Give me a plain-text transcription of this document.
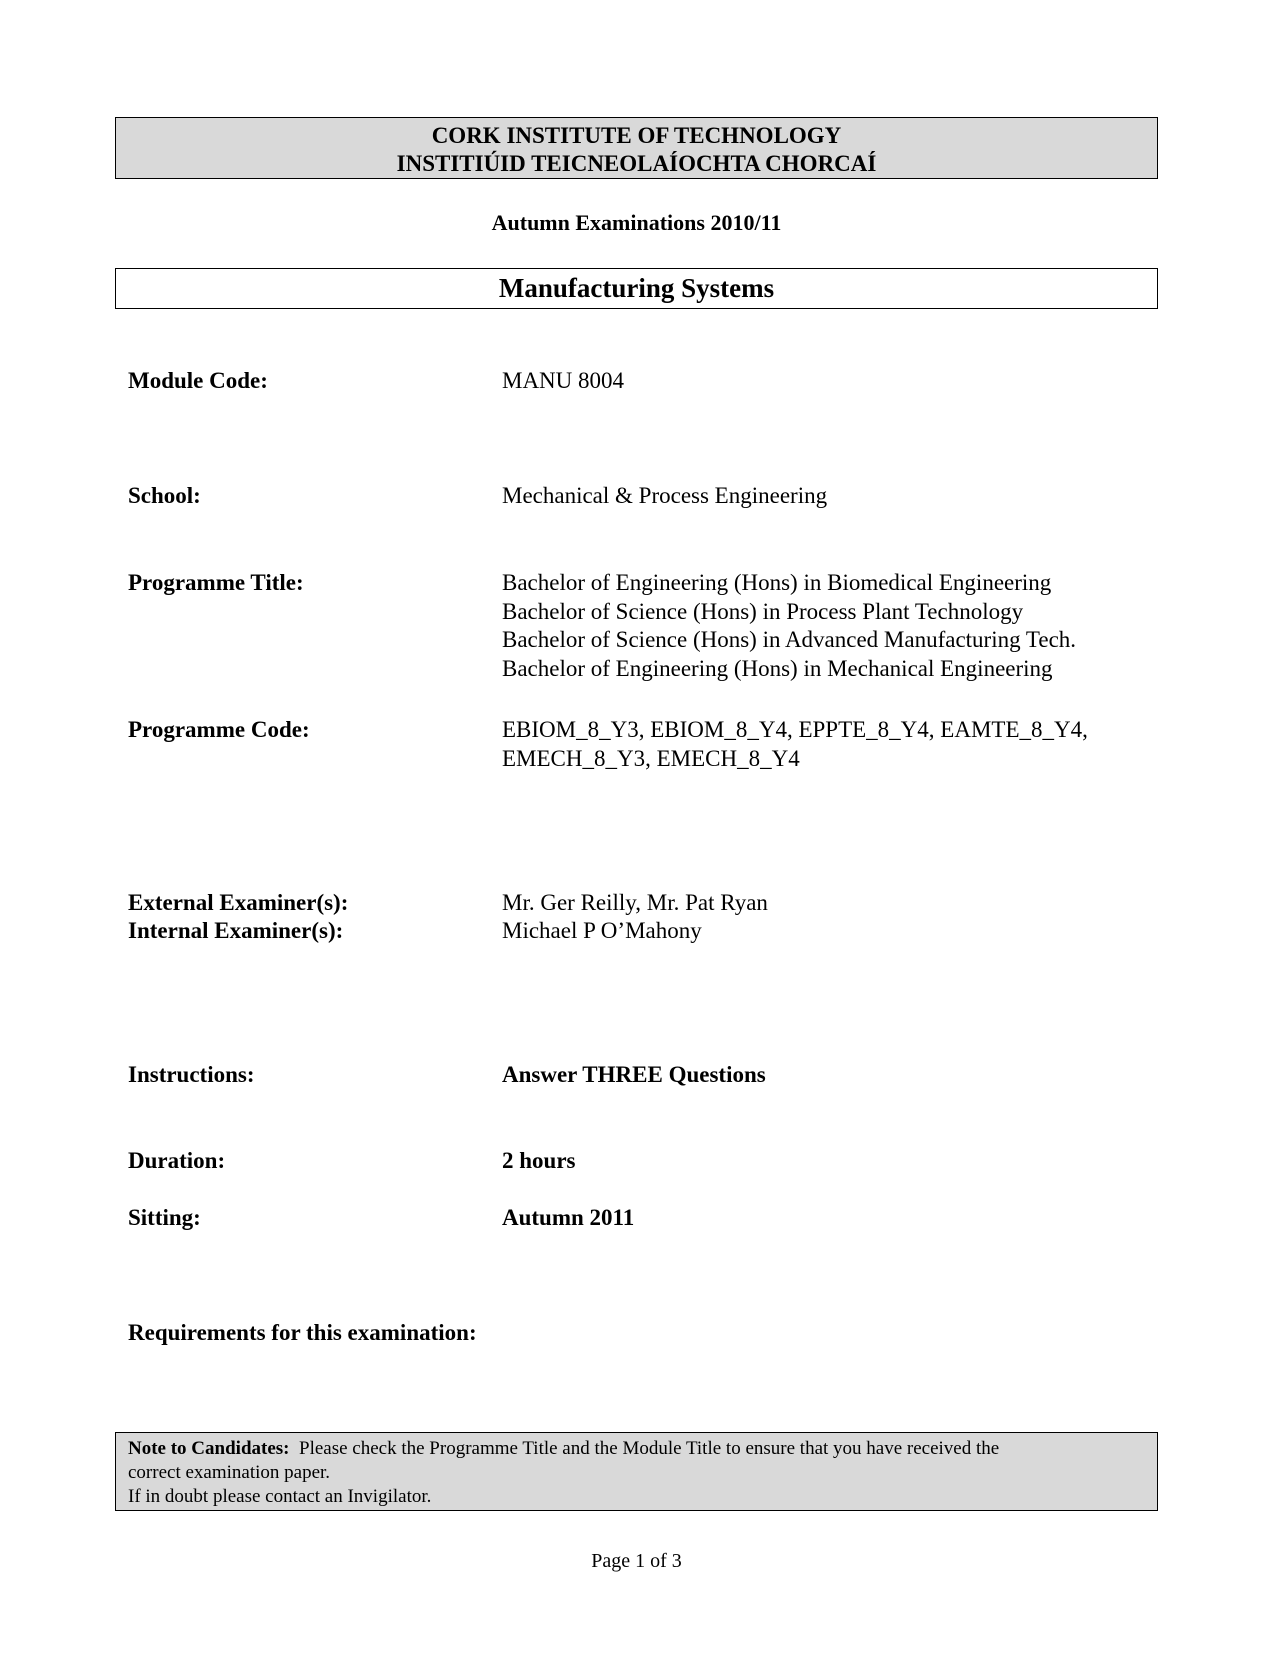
CORK INSTITUTE OF TECHNOLOGY
INSTITIÚID TEICNEOLAÍOCHTA CHORCAÍ
Autumn Examinations 2010/11
Manufacturing Systems
Module Code:	MANU 8004
School:	Mechanical & Process Engineering
Programme Title:	Bachelor of Engineering (Hons) in Biomedical Engineering
Bachelor of Science (Hons) in Process Plant Technology
Bachelor of Science (Hons) in Advanced Manufacturing Tech.
Bachelor of Engineering (Hons) in Mechanical Engineering
Programme Code:	EBIOM_8_Y3, EBIOM_8_Y4, EPPTE_8_Y4, EAMTE_8_Y4,
EMECH_8_Y3, EMECH_8_Y4
External Examiner(s):	Mr. Ger Reilly, Mr. Pat Ryan
Internal Examiner(s):	Michael P O’Mahony
Instructions:	Answer THREE Questions
Duration:	2 hours
Sitting:	Autumn 2011
Requirements for this examination:
Note to Candidates: Please check the Programme Title and the Module Title to ensure that you have received the
correct examination paper.
If in doubt please contact an Invigilator.
Page 1 of 3
